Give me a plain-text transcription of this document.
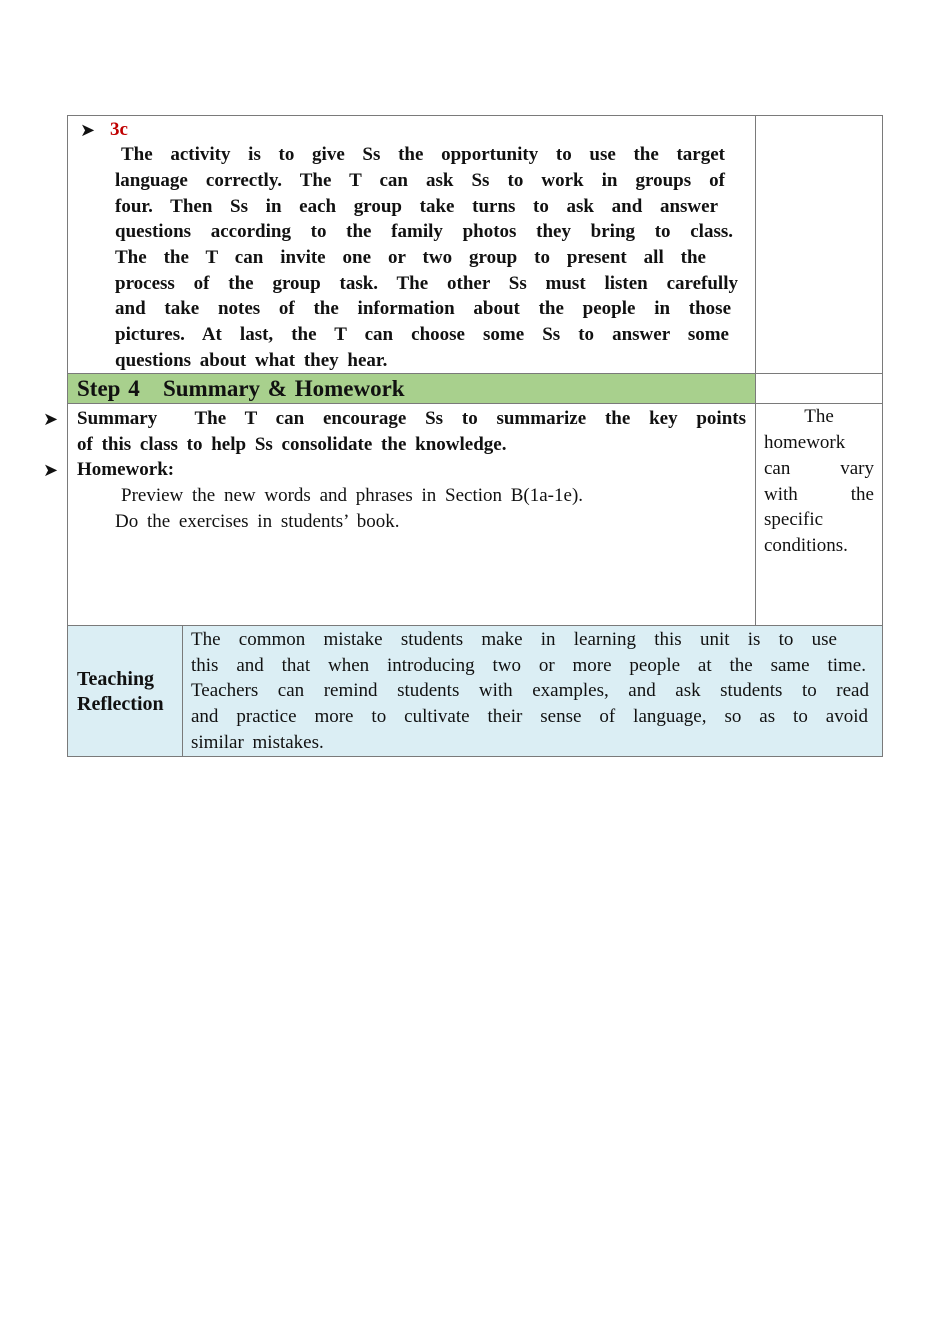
➤ 3c
The activity is to give Ss the opportunity to use the target
language correctly. The T can ask Ss to work in groups of
four. Then Ss in each group take turns to ask and answer
questions according to the family photos they bring to class.
The the T can invite one or two group to present all the
process of the group task. The other Ss must listen carefully
and take notes of the information about the people in those
pictures. At last, the T can choose some Ss to answer some
questions about what they hear.
Step 4   Summary & Homework
➤ Summary  The T can encourage Ss to summarize the key points
of this class to help Ss consolidate the knowledge.
➤ Homework:
Preview the new words and phrases in Section B(1a-1e).
Do the exercises in students’ book.
The
homework
can vary
with the
specific
conditions.
Teaching
Reflection
The common mistake students make in learning this unit is to use
this and that when introducing two or more people at the same time.
Teachers can remind students with examples, and ask students to read
and practice more to cultivate their sense of language, so as to avoid
similar mistakes.
